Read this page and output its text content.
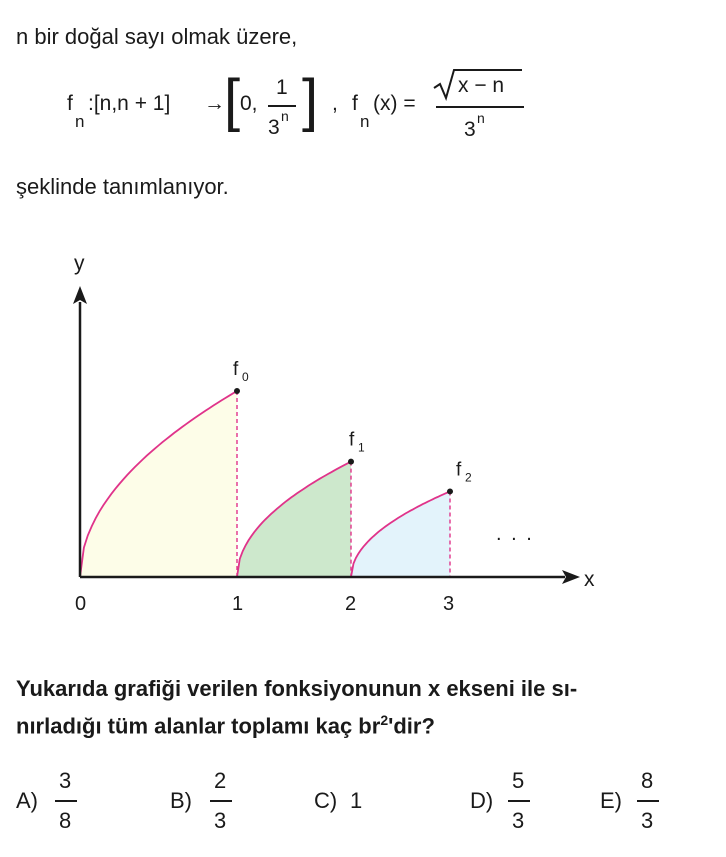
n bir doğal sayı olmak üzere,
f
n
:[n,n + 1] → [ 0,
1
3 n ] , f
n
(x) =
x − n
3 n
şeklinde tanımlanıyor.
y
x
0	1	2	3
. . .
f 0
f 1
f 2
Yukarıda grafiği verilen fonksiyonunun x ekseni ile sı-
nırladığı tüm alanlar toplamı kaç $br^2'dir$?
A)
3
8
B)
2
3
C) 1	D)
5
3
E)
8
3
